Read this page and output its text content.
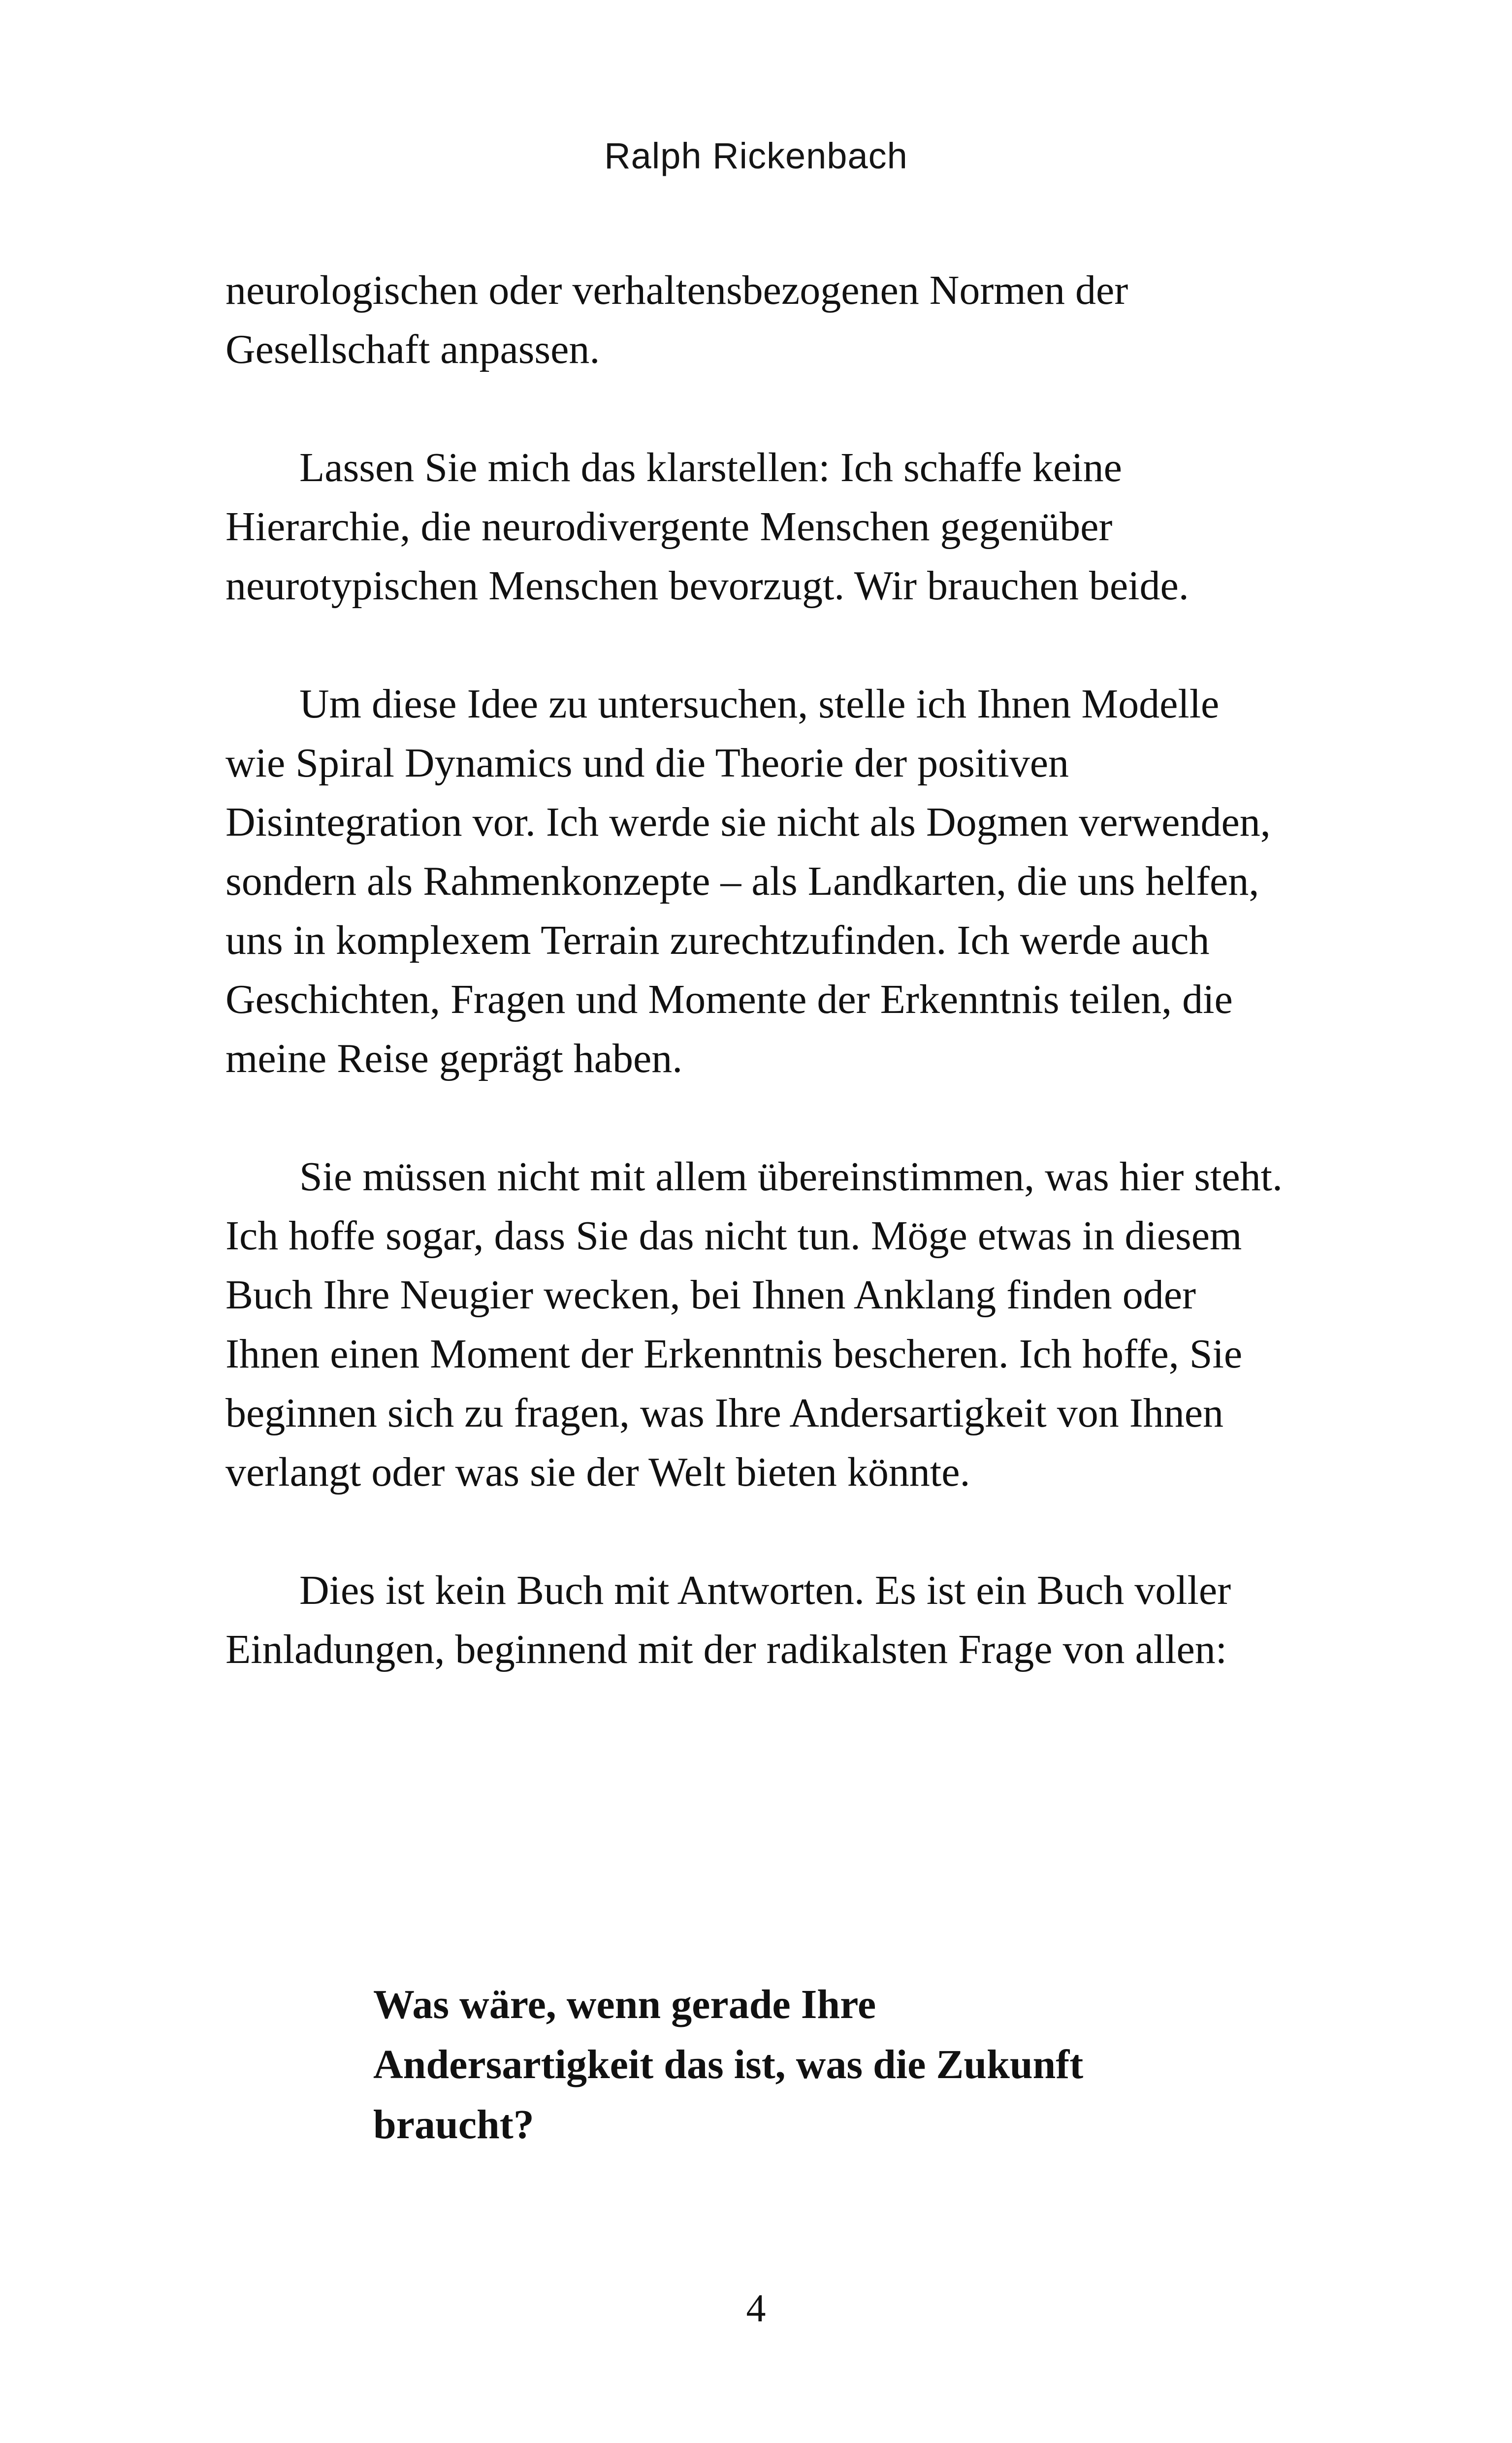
Ralph Rickenbach

neurologischen oder verhaltensbezogenen Normen der Gesellschaft anpassen.

Lassen Sie mich das klarstellen: Ich schaffe keine Hierarchie, die neurodivergente Menschen gegenüber neurotypischen Menschen bevorzugt. Wir brauchen beide.

Um diese Idee zu untersuchen, stelle ich Ihnen Modelle wie Spiral Dynamics und die Theorie der positiven Disintegration vor. Ich werde sie nicht als Dogmen verwenden, sondern als Rahmenkonzepte – als Landkarten, die uns helfen, uns in komplexem Terrain zurechtzufinden. Ich werde auch Geschichten, Fragen und Momente der Erkenntnis teilen, die meine Reise geprägt haben.

Sie müssen nicht mit allem übereinstimmen, was hier steht. Ich hoffe sogar, dass Sie das nicht tun. Möge etwas in diesem Buch Ihre Neugier wecken, bei Ihnen Anklang finden oder Ihnen einen Moment der Erkenntnis bescheren. Ich hoffe, Sie beginnen sich zu fragen, was Ihre Andersartigkeit von Ihnen verlangt oder was sie der Welt bieten könnte.

Dies ist kein Buch mit Antworten. Es ist ein Buch voller Einladungen, beginnend mit der radikalsten Frage von allen:

Was wäre, wenn gerade Ihre Andersartigkeit das ist, was die Zukunft braucht?
4
